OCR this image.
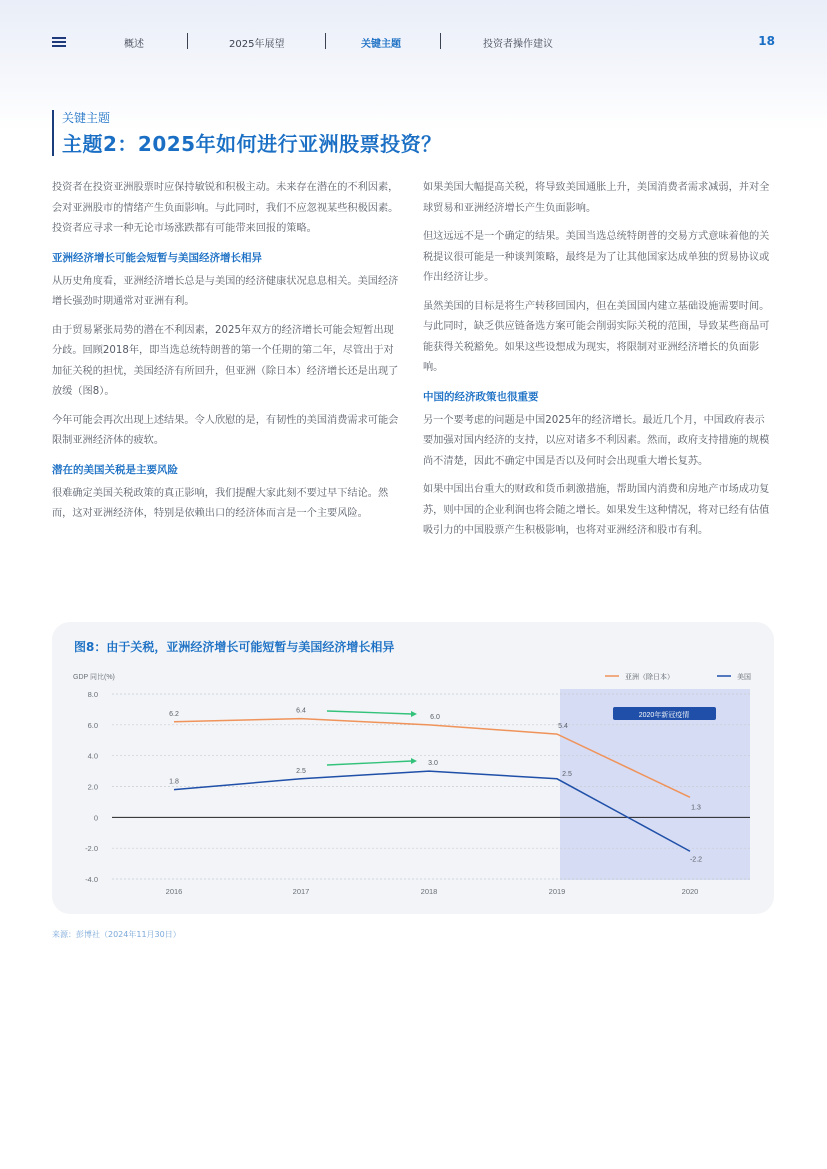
概述	2025年展望	关键主题	投资者操作建议	18
关键主题
主题2：2025年如何进行亚洲股票投资？

投资者在投资亚洲股票时应保持敏锐和积极主动。未来存在潜在的不利因素，会对亚洲股市的情绪产生负面影响。与此同时，我们不应忽视某些积极因素。投资者应寻求一种无论市场涨跌都有可能带来回报的策略。

亚洲经济增长可能会短暂与美国经济增长相异

从历史角度看，亚洲经济增长总是与美国的经济健康状况息息相关。美国经济增长强劲时期通常对亚洲有利。

由于贸易紧张局势的潜在不利因素，2025年双方的经济增长可能会短暂出现分歧。回顾2018年，即当选总统特朗普的第一个任期的第二年，尽管出于对加征关税的担忧，美国经济有所回升，但亚洲（除日本）经济增长还是出现了放缓（图8）。

今年可能会再次出现上述结果。令人欣慰的是，有韧性的美国消费需求可能会限制亚洲经济体的疲软。

潜在的美国关税是主要风险

很难确定美国关税政策的真正影响，我们提醒大家此刻不要过早下结论。然而，这对亚洲经济体，特别是依赖出口的经济体而言是一个主要风险。

如果美国大幅提高关税，将导致美国通胀上升，美国消费者需求减弱，并对全球贸易和亚洲经济增长产生负面影响。

但这远远不是一个确定的结果。美国当选总统特朗普的交易方式意味着他的关税提议很可能是一种谈判策略，最终是为了让其他国家达成单独的贸易协议或作出经济让步。

虽然美国的目标是将生产转移回国内，但在美国国内建立基础设施需要时间。与此同时，缺乏供应链备选方案可能会削弱实际关税的范围，导致某些商品可能获得关税豁免。如果这些设想成为现实，将限制对亚洲经济增长的负面影响。

中国的经济政策也很重要

另一个要考虑的问题是中国2025年的经济增长。最近几个月，中国政府表示要加强对国内经济的支持，以应对诸多不利因素。然而，政府支持措施的规模尚不清楚，因此不确定中国是否以及何时会出现重大增长复苏。

如果中国出台重大的财政和货币刺激措施，帮助国内消费和房地产市场成功复苏，则中国的企业利润也将会随之增长。如果发生这种情况，将对已经有估值吸引力的中国股票产生积极影响，也将对亚洲经济和股市有利。

图8：由于关税，亚洲经济增长可能短暂与美国经济增长相异
8.0
6.0
4.0
2.0
0
-2.0
-4.0
GDP 同比(%)
2016	2017	2018	2019	2020
2020年新冠疫情
6.2	6.4
6.0
5.4
1.3
1.8
2.5
3.0
2.5
-2.2
亚洲（除日本）	美国
来源：彭博社（2024年11月30日）
